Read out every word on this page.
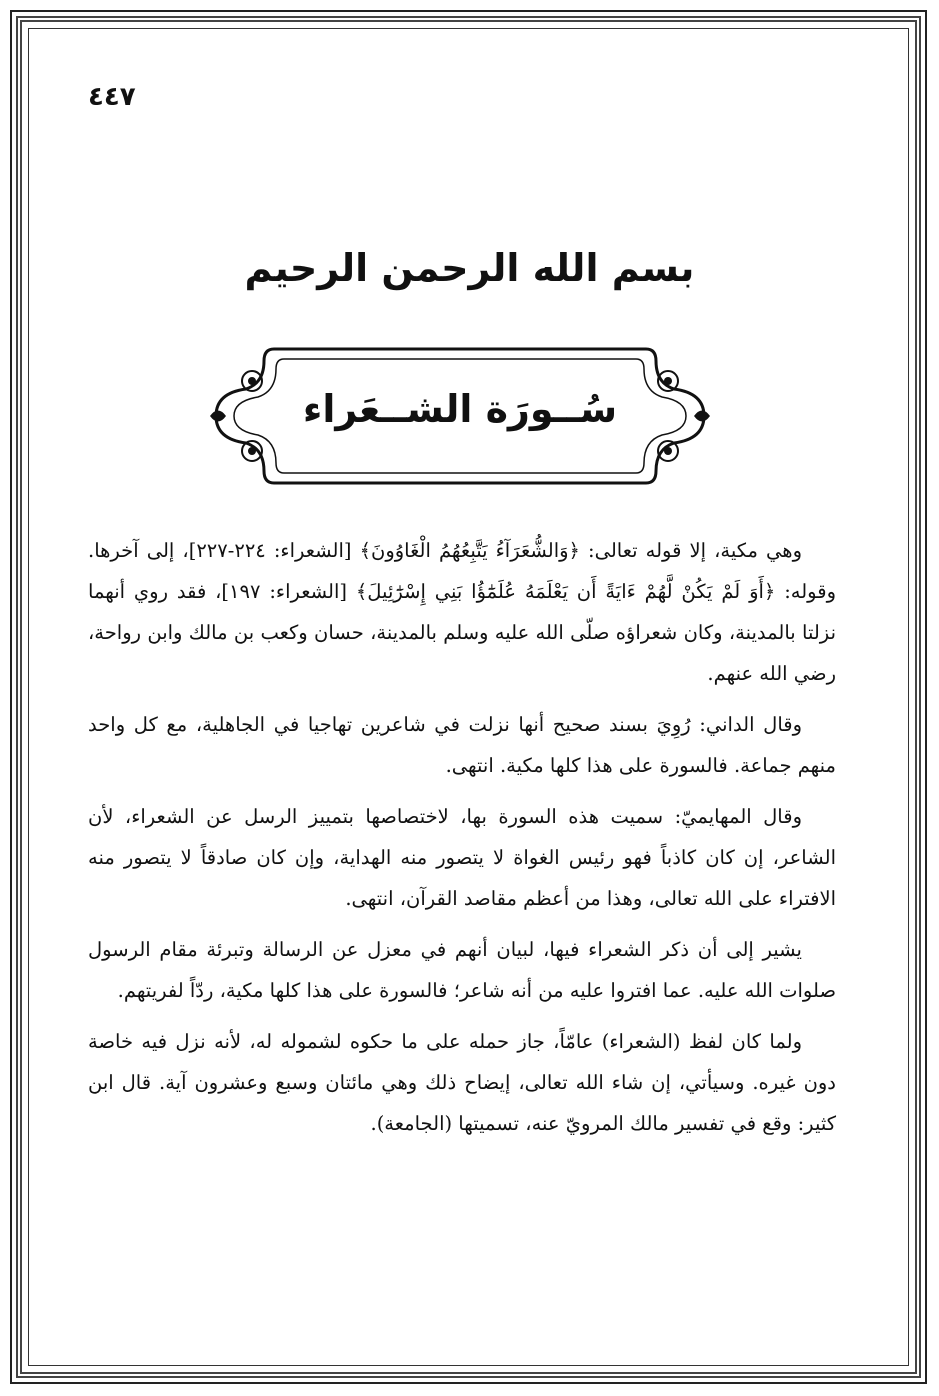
٤٤٧
بسم الله الرحمن الرحيم
سُــورَة الشــعَراء

وهي مكية، إلا قوله تعالى: ﴿وَالشُّعَرَآءُ يَتَّبِعُهُمُ الْغَاوُونَ﴾ [الشعراء: ٢٢٤-٢٢٧]، إلى آخرها. وقوله: ﴿أَوَ لَمْ يَكُنْ لَّهُمْ ءَايَةً أَن يَعْلَمَهُ عُلَمَٰٓؤُا بَنِي إِسْرَٰٓئِيلَ﴾ [الشعراء: ١٩٧]، فقد روي أنهما نزلتا بالمدينة، وكان شعراؤه صلّى الله عليه وسلم بالمدينة، حسان وكعب بن مالك وابن رواحة، رضي الله عنهم.

وقال الداني: رُوِيَ بسند صحيح أنها نزلت في شاعرين تهاجيا في الجاهلية، مع كل واحد منهم جماعة. فالسورة على هذا كلها مكية. انتهى.

وقال المهايميّ: سميت هذه السورة بها، لاختصاصها بتمييز الرسل عن الشعراء، لأن الشاعر، إن كان كاذباً فهو رئيس الغواة لا يتصور منه الهداية، وإن كان صادقاً لا يتصور منه الافتراء على الله تعالى، وهذا من أعظم مقاصد القرآن، انتهى.

يشير إلى أن ذكر الشعراء فيها، لبيان أنهم في معزل عن الرسالة وتبرئة مقام الرسول صلوات الله عليه. عما افتروا عليه من أنه شاعر؛ فالسورة على هذا كلها مكية، ردّاً لفريتهم.

ولما كان لفظ (الشعراء) عامّاً، جاز حمله على ما حكوه لشموله له، لأنه نزل فيه خاصة دون غيره. وسيأتي، إن شاء الله تعالى، إيضاح ذلك وهي مائتان وسبع وعشرون آية. قال ابن كثير: وقع في تفسير مالك المرويّ عنه، تسميتها (الجامعة).
